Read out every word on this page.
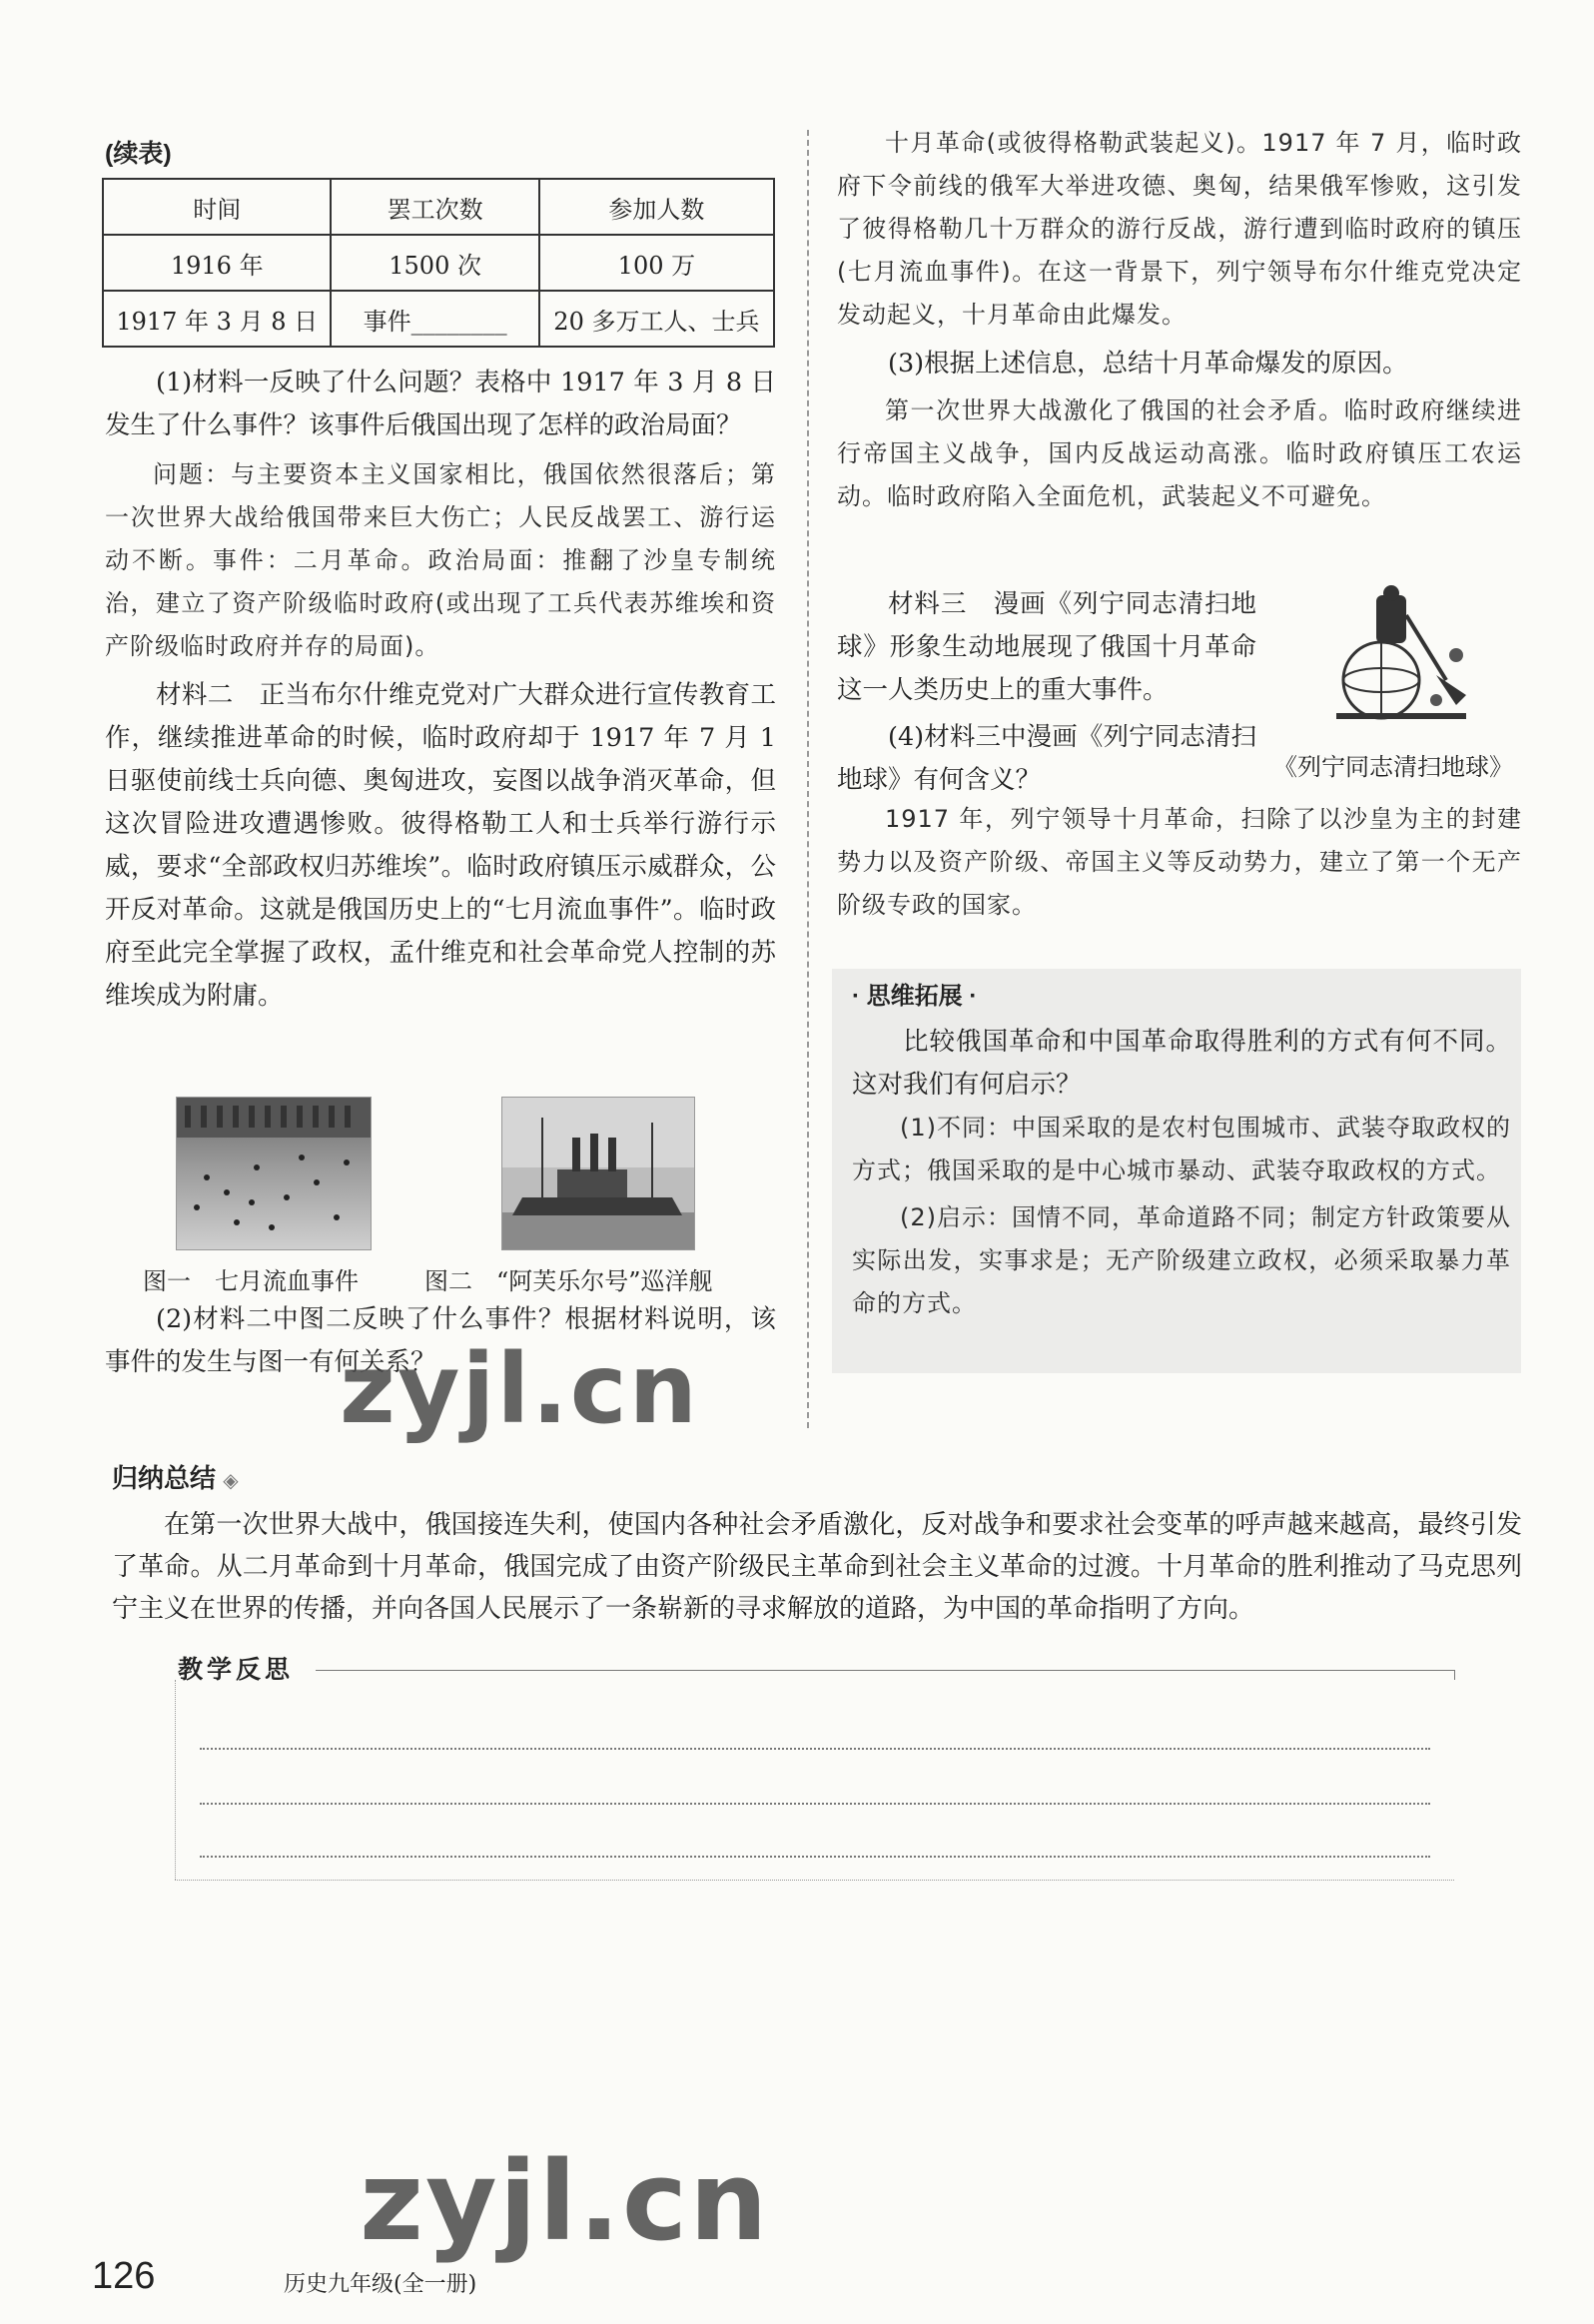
(续表)
时间	罢工次数	参加人数
1916 年	1500 次	100 万
1917 年 3 月 8 日	事件________	20 多万工人、士兵

(1)材料一反映了什么问题？表格中 1917 年 3 月 8 日发生了什么事件？该事件后俄国出现了怎样的政治局面？

问题：与主要资本主义国家相比，俄国依然很落后；第一次世界大战给俄国带来巨大伤亡；人民反战罢工、游行运动不断。事件：二月革命。政治局面：推翻了沙皇专制统治，建立了资产阶级临时政府(或出现了工兵代表苏维埃和资产阶级临时政府并存的局面)。

材料二　正当布尔什维克党对广大群众进行宣传教育工作，继续推进革命的时候，临时政府却于 1917 年 7 月 1 日驱使前线士兵向德、奥匈进攻，妄图以战争消灭革命，但这次冒险进攻遭遇惨败。彼得格勒工人和士兵举行游行示威，要求“全部政权归苏维埃”。临时政府镇压示威群众，公开反对革命。这就是俄国历史上的“七月流血事件”。临时政府至此完全掌握了政权，孟什维克和社会革命党人控制的苏维埃成为附庸。

图一　七月流血事件	图二　“阿芙乐尔号”巡洋舰

(2)材料二中图二反映了什么事件？根据材料说明，该事件的发生与图一有何关系？

十月革命(或彼得格勒武装起义)。1917 年 7 月，临时政府下令前线的俄军大举进攻德、奥匈，结果俄军惨败，这引发了彼得格勒几十万群众的游行反战，游行遭到临时政府的镇压(七月流血事件)。在这一背景下，列宁领导布尔什维克党决定发动起义，十月革命由此爆发。

(3)根据上述信息，总结十月革命爆发的原因。

第一次世界大战激化了俄国的社会矛盾。临时政府继续进行帝国主义战争，国内反战运动高涨。临时政府镇压工农运动。临时政府陷入全面危机，武装起义不可避免。

材料三　漫画《列宁同志清扫地球》形象生动地展现了俄国十月革命这一人类历史上的重大事件。

(4)材料三中漫画《列宁同志清扫地球》有何含义？	《列宁同志清扫地球》

1917 年，列宁领导十月革命，扫除了以沙皇为主的封建势力以及资产阶级、帝国主义等反动势力，建立了第一个无产阶级专政的国家。

· 思维拓展 ·

比较俄国革命和中国革命取得胜利的方式有何不同。这对我们有何启示？

(1)不同：中国采取的是农村包围城市、武装夺取政权的方式；俄国采取的是中心城市暴动、武装夺取政权的方式。

(2)启示：国情不同，革命道路不同；制定方针政策要从实际出发，实事求是；无产阶级建立政权，必须采取暴力革命的方式。

归纳总结 ◈
在第一次世界大战中，俄国接连失利，使国内各种社会矛盾激化，反对战争和要求社会变革的呼声越来越高，最终引发了革命。从二月革命到十月革命，俄国完成了由资产阶级民主革命到社会主义革命的过渡。十月革命的胜利推动了马克思列宁主义在世界的传播，并向各国人民展示了一条崭新的寻求解放的道路，为中国的革命指明了方向。
教学反思
zyjl.cn
zyjl.cn
126	历史九年级(全一册)
